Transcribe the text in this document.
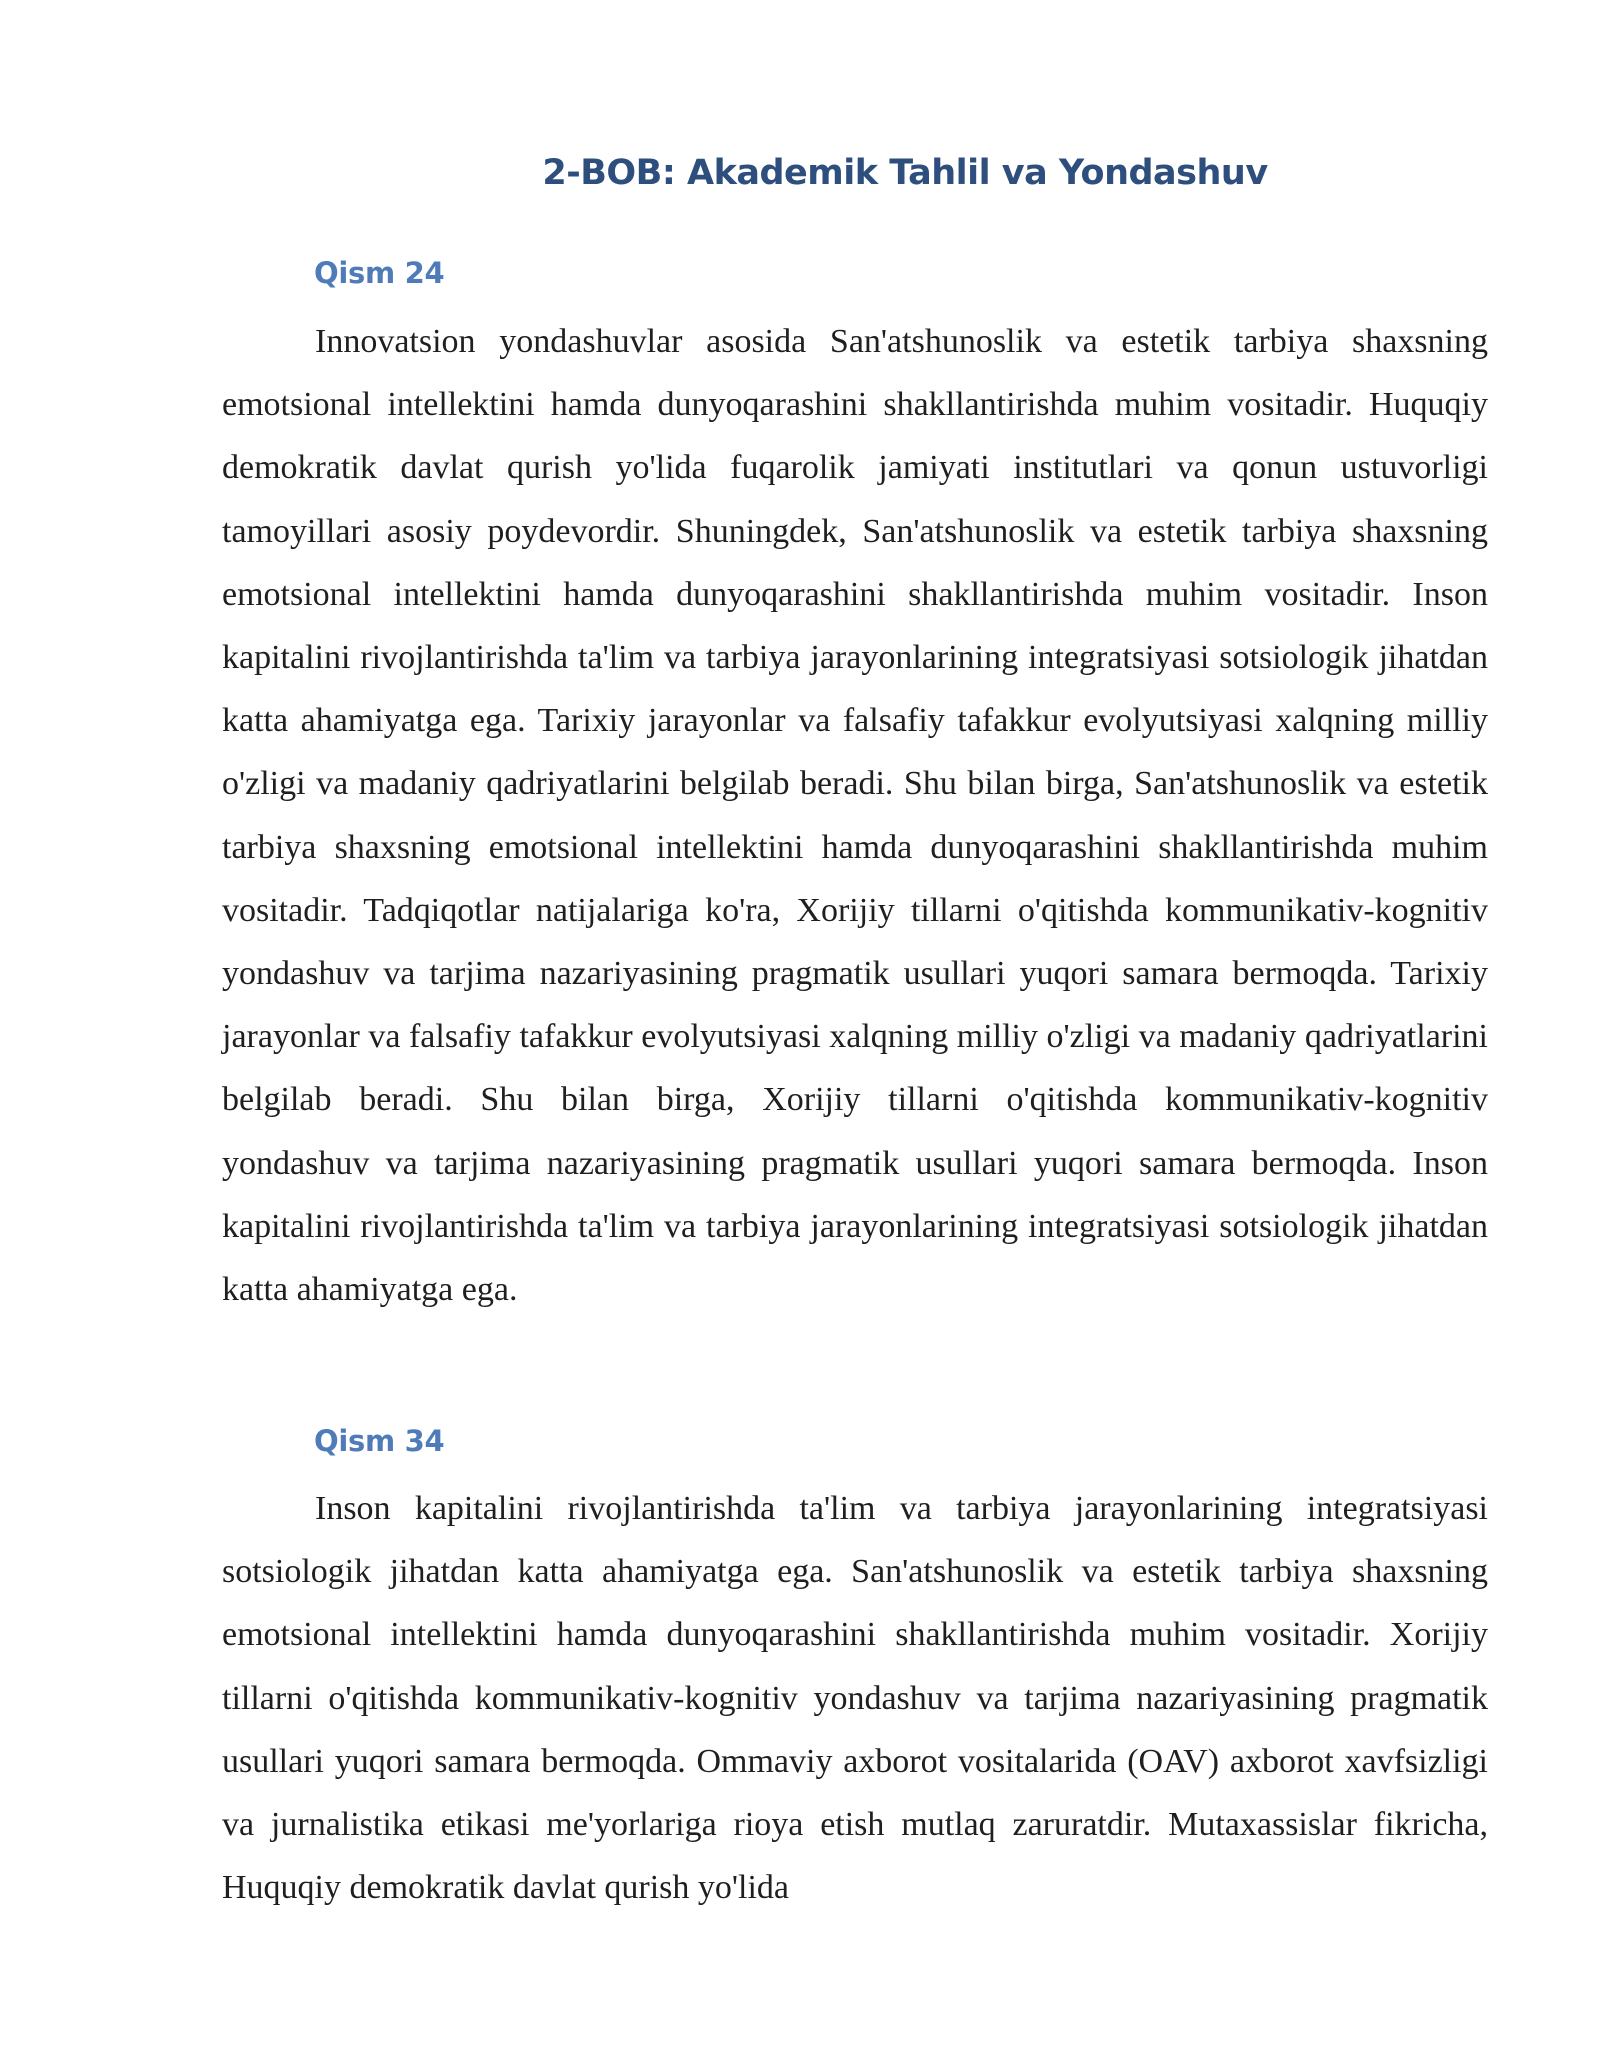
2-BOB: Akademik Tahlil va Yondashuv
Qism 24

Innovatsion yondashuvlar asosida San'atshunoslik va estetik tarbiya shaxsning emotsional intellektini hamda dunyoqarashini shakllantirishda muhim vositadir. Huquqiy demokratik davlat qurish yo'lida fuqarolik jamiyati institutlari va qonun ustuvorligi tamoyillari asosiy poydevordir. Shuningdek, San'atshunoslik va estetik tarbiya shaxsning emotsional intellektini hamda dunyoqarashini shakllantirishda muhim vositadir. Inson kapitalini rivojlantirishda ta'lim va tarbiya jarayonlarining integratsiyasi sotsiologik jihatdan katta ahamiyatga ega. Tarixiy jarayonlar va falsafiy tafakkur evolyutsiyasi xalqning milliy o'zligi va madaniy qadriyatlarini belgilab beradi. Shu bilan birga, San'atshunoslik va estetik tarbiya shaxsning emotsional intellektini hamda dunyoqarashini shakllantirishda muhim vositadir. Tadqiqotlar natijalariga ko'ra, Xorijiy tillarni o'qitishda kommunikativ-kognitiv yondashuv va tarjima nazariyasining pragmatik usullari yuqori samara bermoqda. Tarixiy jarayonlar va falsafiy tafakkur evolyutsiyasi xalqning milliy o'zligi va madaniy qadriyatlarini belgilab beradi. Shu bilan birga, Xorijiy tillarni o'qitishda kommunikativ-kognitiv yondashuv va tarjima nazariyasining pragmatik usullari yuqori samara bermoqda. Inson kapitalini rivojlantirishda ta'lim va tarbiya jarayonlarining integratsiyasi sotsiologik jihatdan katta ahamiyatga ega.

Qism 34

Inson kapitalini rivojlantirishda ta'lim va tarbiya jarayonlarining integratsiyasi sotsiologik jihatdan katta ahamiyatga ega. San'atshunoslik va estetik tarbiya shaxsning emotsional intellektini hamda dunyoqarashini shakllantirishda muhim vositadir. Xorijiy tillarni o'qitishda kommunikativ-kognitiv yondashuv va tarjima nazariyasining pragmatik usullari yuqori samara bermoqda. Ommaviy axborot vositalarida (OAV) axborot xavfsizligi va jurnalistika etikasi me'yorlariga rioya etish mutlaq zaruratdir. Mutaxassislar fikricha, Huquqiy demokratik davlat qurish yo'lida
